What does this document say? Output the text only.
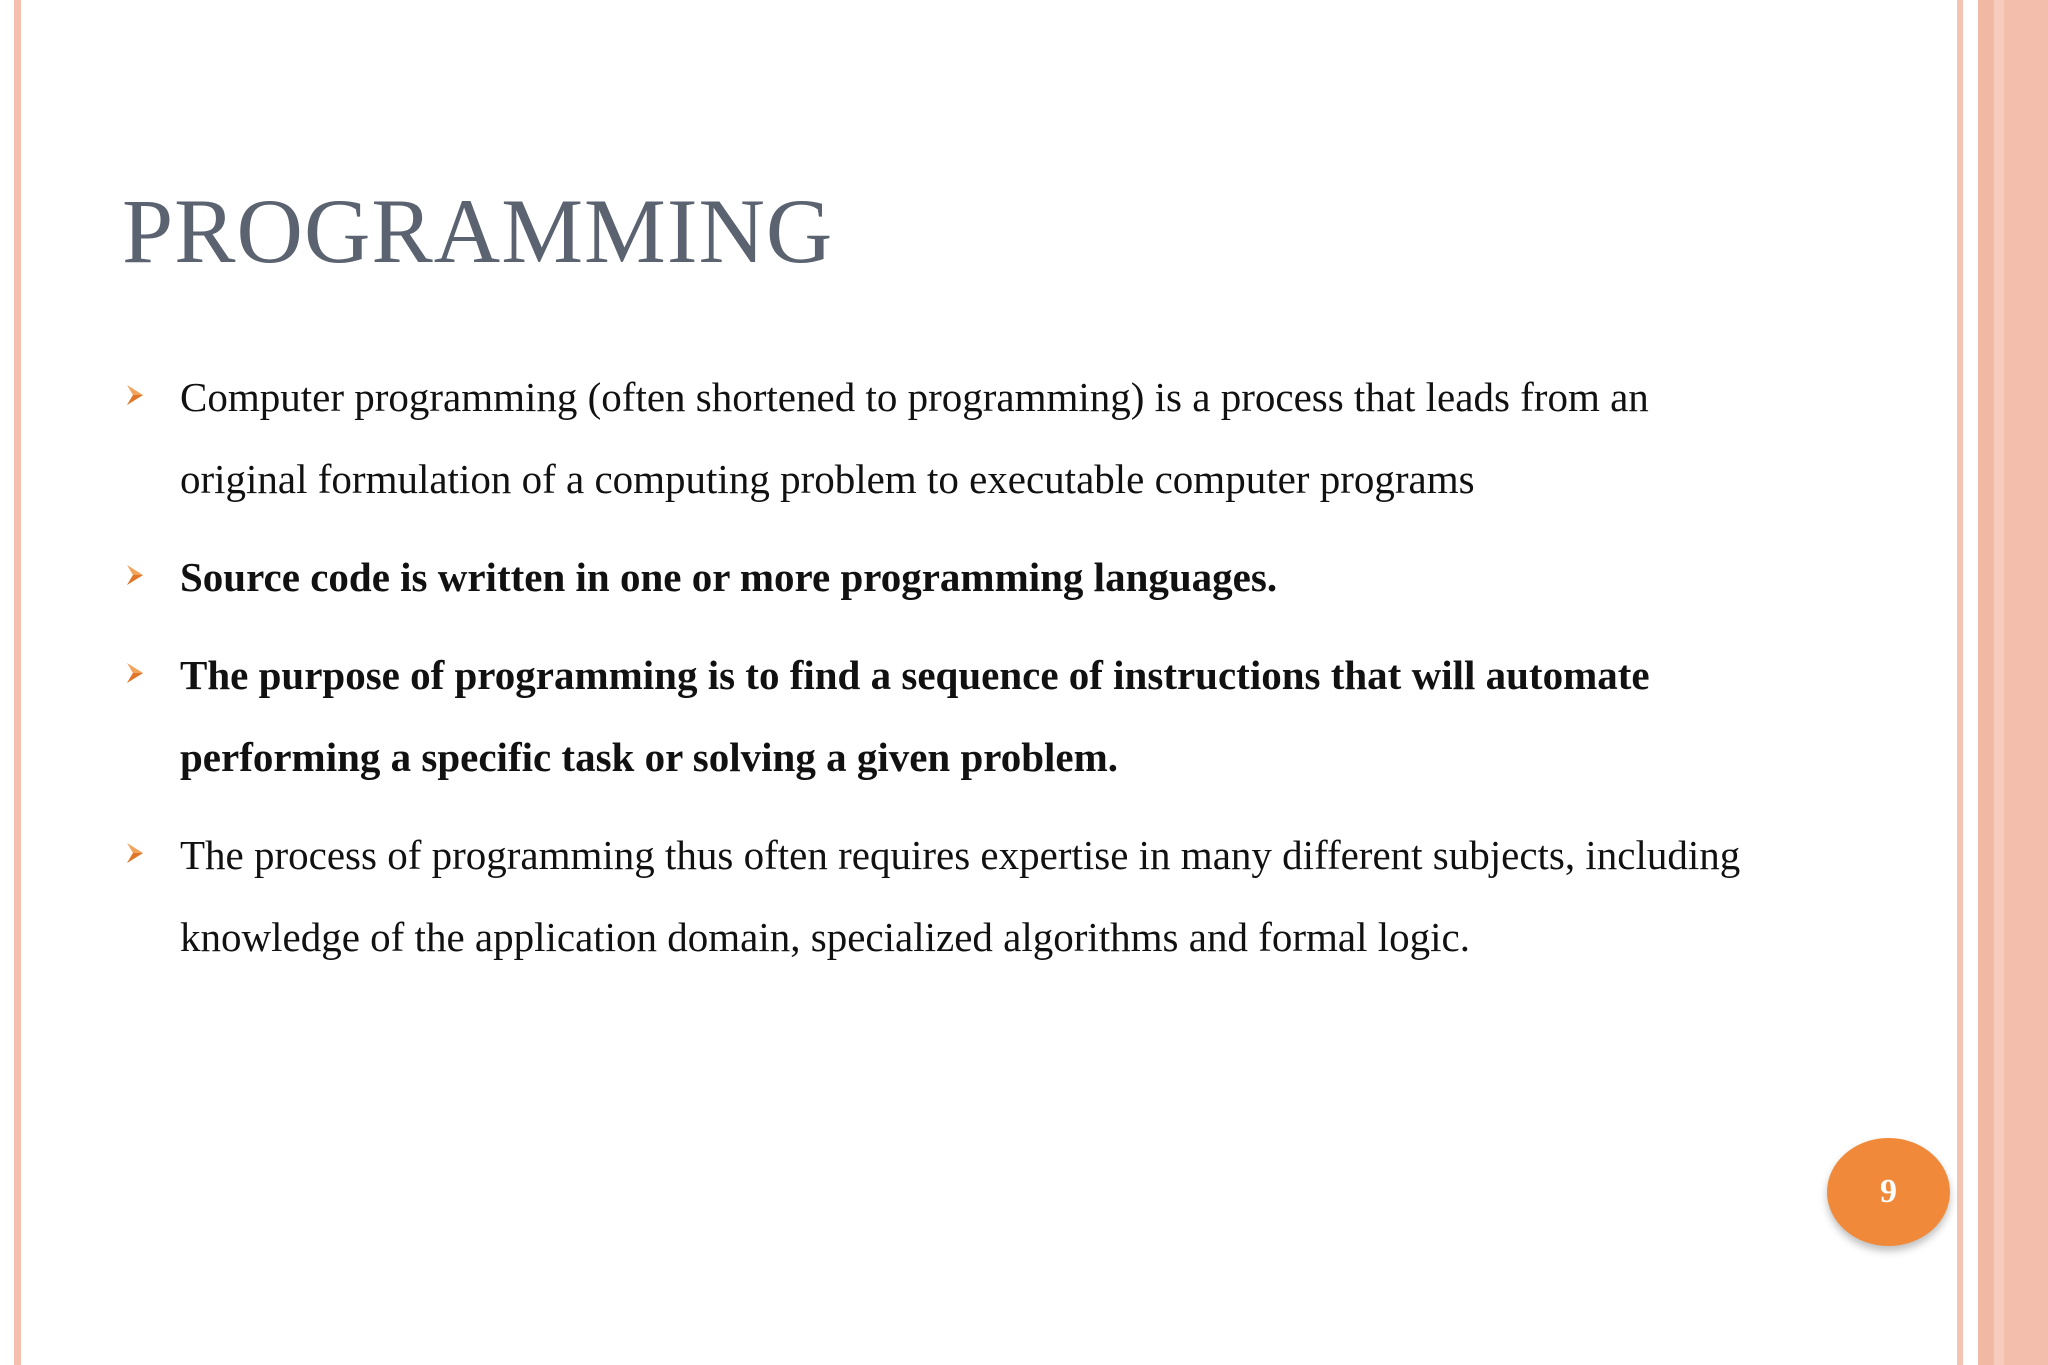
PROGRAMMING
Computer programming (often shortened to programming) is a process that leads from an original formulation of a computing problem to executable computer programs
Source code is written in one or more programming languages.
The purpose of programming is to find a sequence of instructions that will automate performing a specific task or solving a given problem.
The process of programming thus often requires expertise in many different subjects, including knowledge of the application domain, specialized algorithms and formal logic.
9
